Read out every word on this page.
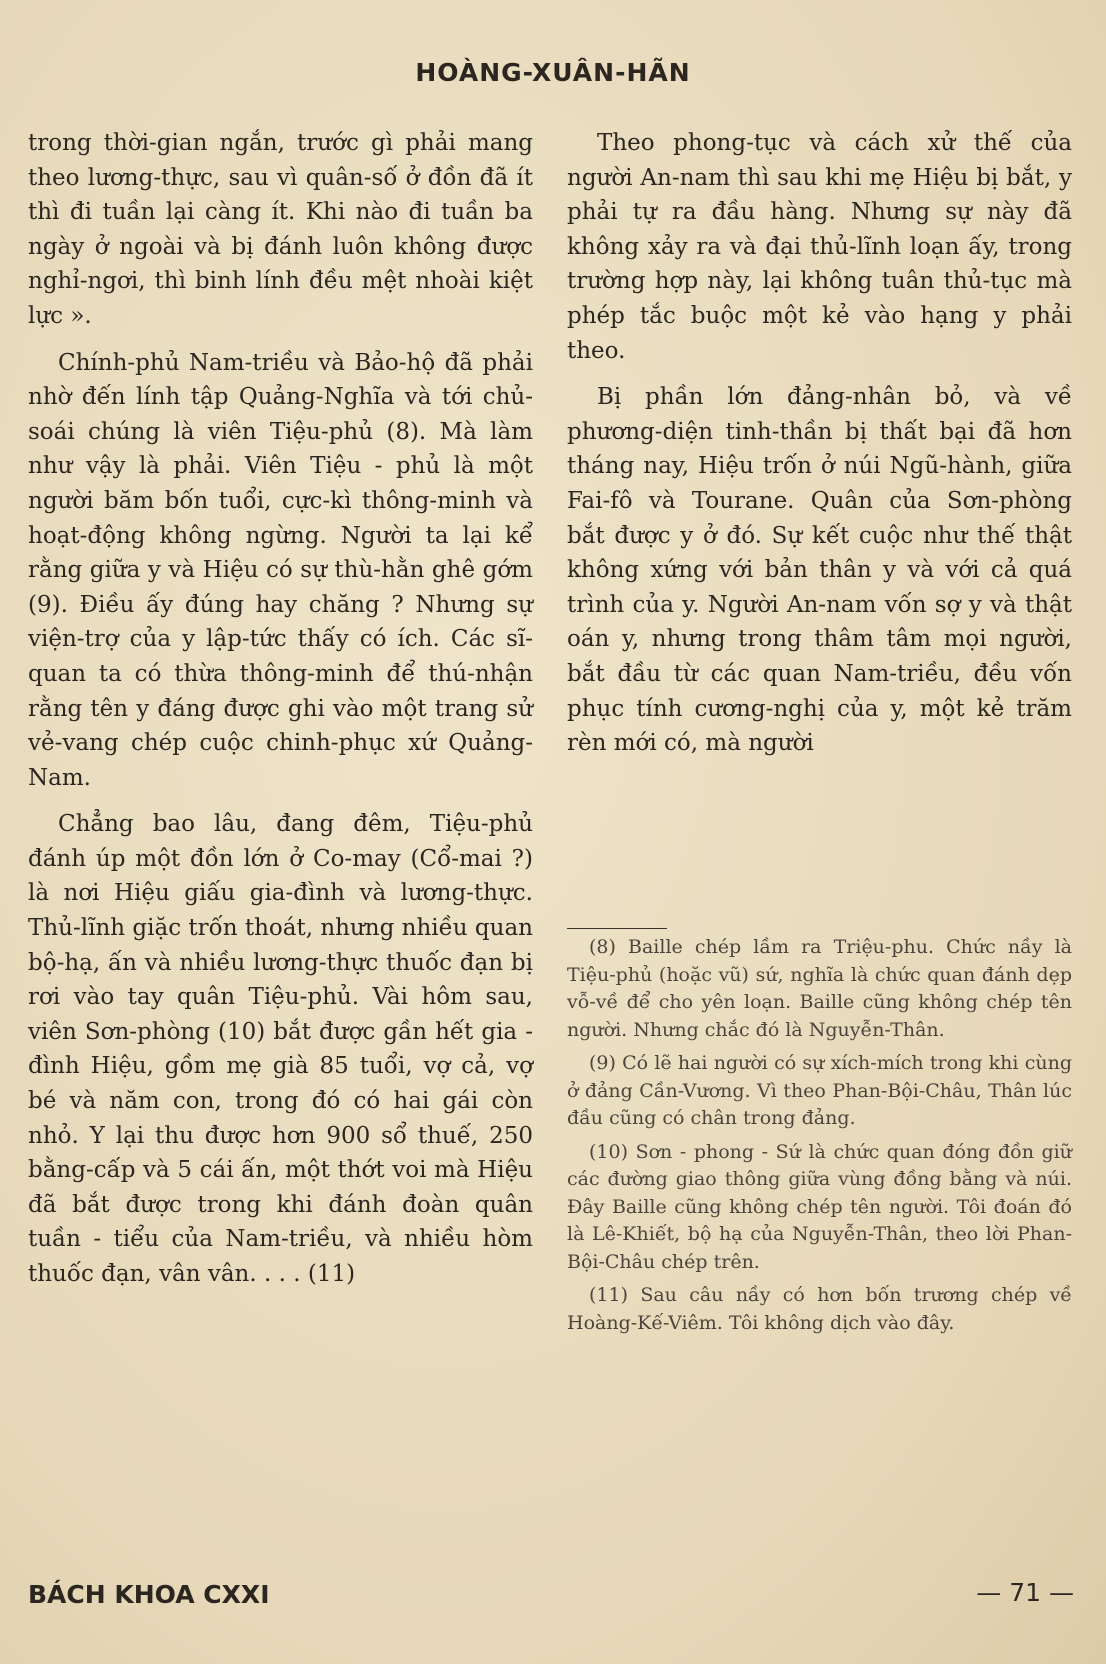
HOÀNG-XUÂN-HÃN

trong thời-gian ngắn, trước gì phải mang theo lương-thực, sau vì quân-số ở đồn đã ít thì đi tuần lại càng ít. Khi nào đi tuần ba ngày ở ngoài và bị đánh luôn không được nghỉ-ngơi, thì binh lính đều mệt nhoài kiệt lực ».

Chính-phủ Nam-triều và Bảo-hộ đã phải nhờ đến lính tập Quảng-Nghĩa và tới chủ-soái chúng là viên Tiệu-phủ (8). Mà làm như vậy là phải. Viên Tiệu - phủ là một người băm bốn tuổi, cực-kì thông-minh và hoạt-động không ngừng. Người ta lại kể rằng giữa y và Hiệu có sự thù-hằn ghê gớm (9). Điều ấy đúng hay chăng ? Nhưng sự viện-trợ của y lập-tức thấy có ích. Các sĩ-quan ta có thừa thông-minh để thú-nhận rằng tên y đáng được ghi vào một trang sử vẻ-vang chép cuộc chinh-phục xứ Quảng-Nam.

Chẳng bao lâu, đang đêm, Tiệu-phủ đánh úp một đồn lớn ở Co-may (Cổ-mai ?) là nơi Hiệu giấu gia-đình và lương-thực. Thủ-lĩnh giặc trốn thoát, nhưng nhiều quan bộ-hạ, ấn và nhiều lương-thực thuốc đạn bị rơi vào tay quân Tiệu-phủ. Vài hôm sau, viên Sơn-phòng (10) bắt được gần hết gia - đình Hiệu, gồm mẹ già 85 tuổi, vợ cả, vợ bé và năm con, trong đó có hai gái còn nhỏ. Y lại thu được hơn 900 sổ thuế, 250 bằng-cấp và 5 cái ấn, một thớt voi mà Hiệu đã bắt được trong khi đánh đoàn quân tuần - tiểu của Nam-triều, và nhiều hòm thuốc đạn, vân vân. . . . (11)

Theo phong-tục và cách xử thế của người An-nam thì sau khi mẹ Hiệu bị bắt, y phải tự ra đầu hàng. Nhưng sự này đã không xảy ra và đại thủ-lĩnh loạn ấy, trong trường hợp này, lại không tuân thủ-tục mà phép tắc buộc một kẻ vào hạng y phải theo.

Bị phần lớn đảng-nhân bỏ, và về phương-diện tinh-thần bị thất bại đã hơn tháng nay, Hiệu trốn ở núi Ngũ-hành, giữa Fai-fô và Tourane. Quân của Sơn-phòng bắt được y ở đó. Sự kết cuộc như thế thật không xứng với bản thân y và với cả quá trình của y. Người An-nam vốn sợ y và thật oán y, nhưng trong thâm tâm mọi người, bắt đầu từ các quan Nam-triều, đều vốn phục tính cương-nghị của y, một kẻ trăm rèn mới có, mà người

(8) Baille chép lầm ra Triệu-phu. Chức nầy là Tiệu-phủ (hoặc vũ) sứ, nghĩa là chức quan đánh dẹp vỗ-về để cho yên loạn. Baille cũng không chép tên người. Nhưng chắc đó là Nguyễn-Thân.

(9) Có lẽ hai người có sự xích-mích trong khi cùng ở đảng Cần-Vương. Vì theo Phan-Bội-Châu, Thân lúc đầu cũng có chân trong đảng.

(10) Sơn - phong - Sứ là chức quan đóng đồn giữ các đường giao thông giữa vùng đồng bằng và núi. Đây Baille cũng không chép tên người. Tôi đoán đó là Lê-Khiết, bộ hạ của Nguyễn-Thân, theo lời Phan-Bội-Châu chép trên.

(11) Sau câu nầy có hơn bốn trương chép về Hoàng-Kế-Viêm. Tôi không dịch vào đây.

BÁCH KHOA CXXI	— 71 —
